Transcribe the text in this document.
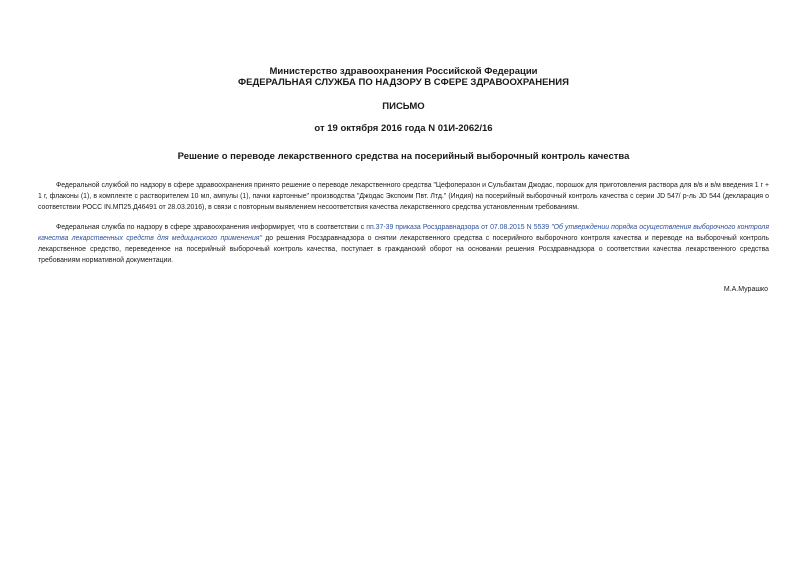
Министерство здравоохранения Российской Федерации
ФЕДЕРАЛЬНАЯ СЛУЖБА ПО НАДЗОРУ В СФЕРЕ ЗДРАВООХРАНЕНИЯ
ПИСЬМО
от 19 октября 2016 года N 01И-2062/16
Решение о переводе лекарственного средства на посерийный выборочный контроль качества

Федеральной службой по надзору в сфере здравоохранения принято решение о переводе лекарственного средства "Цефоперазон и Сульбактам Джодас, порошок для приготовления раствора для в/в и в/м введения 1 г + 1 г, флаконы (1), в комплекте с растворителем 10 мл, ампулы (1), пачки картонные" производства "Джодас Экспоим Пвт. Лтд." (Индия) на посерийный выборочный контроль качества с серии JD 547/ р-ль JD 544 (декларация о соответствии РОСС IN.МП25.Д46491 от 28.03.2016), в связи с повторным выявлением несоответствия качества лекарственного средства установленным требованиям.

Федеральная служба по надзору в сфере здравоохранения информирует, что в соответствии с пп.37-39 приказа Росздравнадзора от 07.08.2015 N 5539 "Об утверждении порядка осуществления выборочного контроля качества лекарственных средств для медицинского применения" до решения Росздравнадзора о снятии лекарственного средства с посерийного выборочного контроля качества и переводе на выборочный контроль лекарственное средство, переведенное на посерийный выборочный контроль качества, поступает в гражданский оборот на основании решения Росздравнадзора о соответствии качества лекарственного средства требованиям нормативной документации.

М.А.Мурашко
